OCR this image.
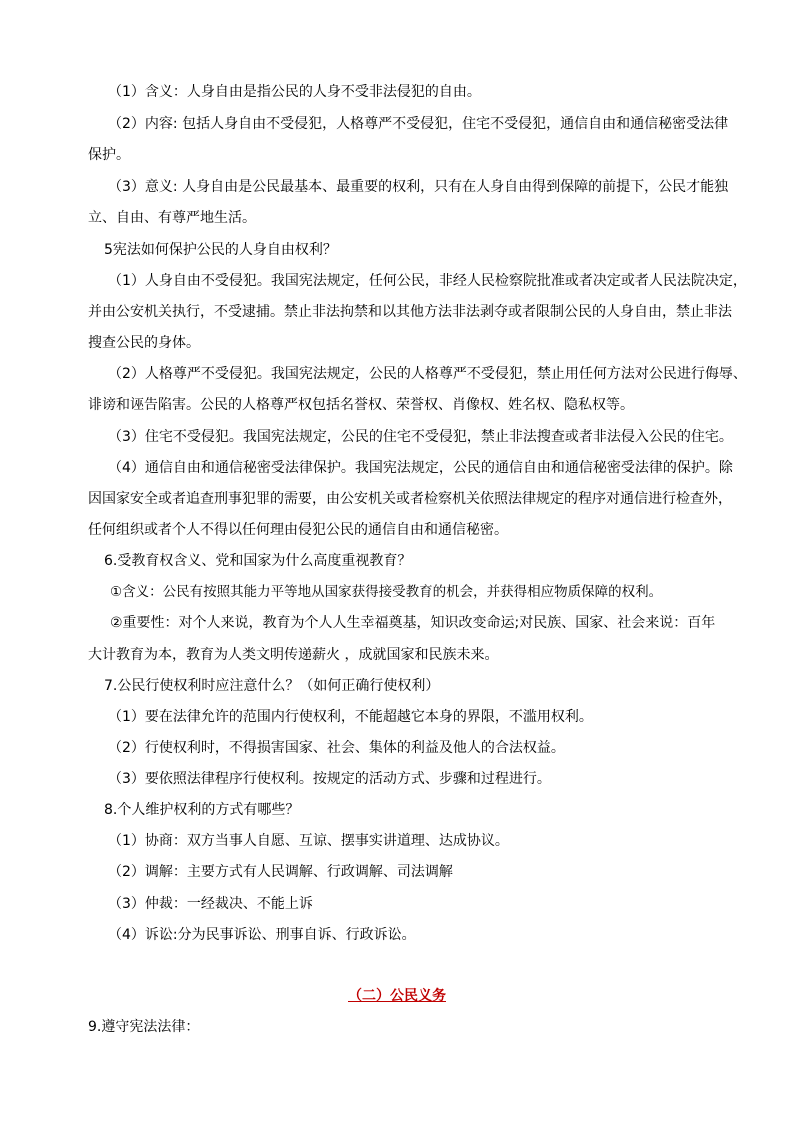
（1）含义：人身自由是指公民的人身不受非法侵犯的自由。
（2）内容: 包括人身自由不受侵犯，人格尊严不受侵犯，住宅不受侵犯，通信自由和通信秘密受法律
保护。
（3）意义: 人身自由是公民最基本、最重要的权利，只有在人身自由得到保障的前提下，公民才能独
立、自由、有尊严地生活。
5宪法如何保护公民的人身自由权利？
（1）人身自由不受侵犯。我国宪法规定，任何公民，非经人民检察院批准或者决定或者人民法院决定，
并由公安机关执行，不受逮捕。禁止非法拘禁和以其他方法非法剥夺或者限制公民的人身自由，禁止非法
搜查公民的身体。
（2）人格尊严不受侵犯。我国宪法规定，公民的人格尊严不受侵犯，禁止用任何方法对公民进行侮辱、
诽谤和诬告陷害。公民的人格尊严权包括名誉权、荣誉权、肖像权、姓名权、隐私权等。
（3）住宅不受侵犯。我国宪法规定，公民的住宅不受侵犯，禁止非法搜查或者非法侵入公民的住宅。
（4）通信自由和通信秘密受法律保护。我国宪法规定，公民的通信自由和通信秘密受法律的保护。除
因国家安全或者追查刑事犯罪的需要，由公安机关或者检察机关依照法律规定的程序对通信进行检查外，
任何组织或者个人不得以任何理由侵犯公民的通信自由和通信秘密。
6.受教育权含义、党和国家为什么高度重视教育？
①含义：公民有按照其能力平等地从国家获得接受教育的机会，并获得相应物质保障的权利。
②重要性：对个人来说，教育为个人人生幸福奠基，知识改变命运;对民族、国家、社会来说：百年
大计教育为本，教育为人类文明传递薪火 ，成就国家和民族未来。
7.公民行使权利时应注意什么？（如何正确行使权利）
（1）要在法律允许的范围内行使权利，不能超越它本身的界限，不滥用权利。
（2）行使权利时，不得损害国家、社会、集体的利益及他人的合法权益。
（3）要依照法律程序行使权利。按规定的活动方式、步骤和过程进行。
8.个人维护权利的方式有哪些？
（1）协商：双方当事人自愿、互谅、摆事实讲道理、达成协议。
（2）调解：主要方式有人民调解、行政调解、司法调解
（3）仲裁：一经裁决、不能上诉
（4）诉讼:分为民事诉讼、刑事自诉、行政诉讼。
（二）公民义务
9.遵守宪法法律：
